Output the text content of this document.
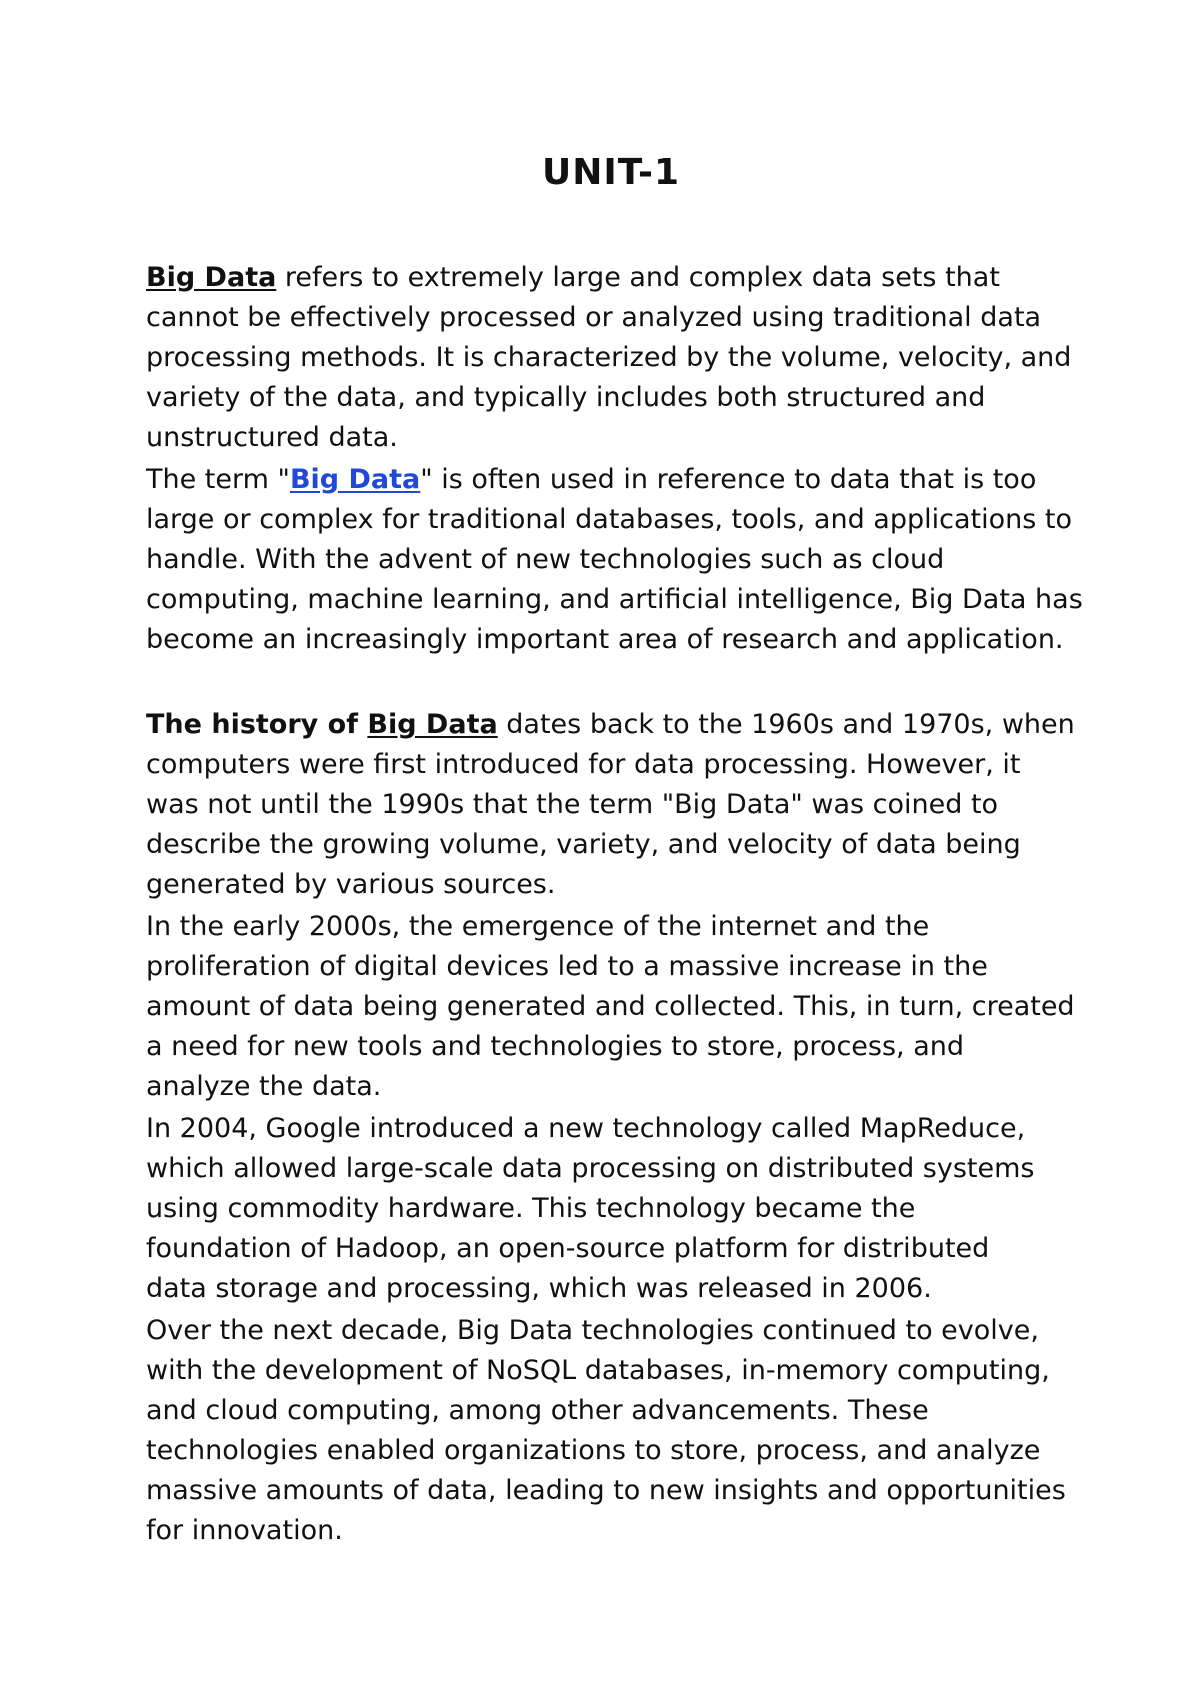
UNIT-1
Big Data refers to extremely large and complex data sets that
cannot be effectively processed or analyzed using traditional data
processing methods. It is characterized by the volume, velocity, and
variety of the data, and typically includes both structured and
unstructured data.
The term "Big Data" is often used in reference to data that is too
large or complex for traditional databases, tools, and applications to
handle. With the advent of new technologies such as cloud
computing, machine learning, and artificial intelligence, Big Data has
become an increasingly important area of research and application.
The history of Big Data dates back to the 1960s and 1970s, when
computers were first introduced for data processing. However, it
was not until the 1990s that the term "Big Data" was coined to
describe the growing volume, variety, and velocity of data being
generated by various sources.
In the early 2000s, the emergence of the internet and the
proliferation of digital devices led to a massive increase in the
amount of data being generated and collected. This, in turn, created
a need for new tools and technologies to store, process, and
analyze the data.
In 2004, Google introduced a new technology called MapReduce,
which allowed large-scale data processing on distributed systems
using commodity hardware. This technology became the
foundation of Hadoop, an open-source platform for distributed
data storage and processing, which was released in 2006.
Over the next decade, Big Data technologies continued to evolve,
with the development of NoSQL databases, in-memory computing,
and cloud computing, among other advancements. These
technologies enabled organizations to store, process, and analyze
massive amounts of data, leading to new insights and opportunities
for innovation.
